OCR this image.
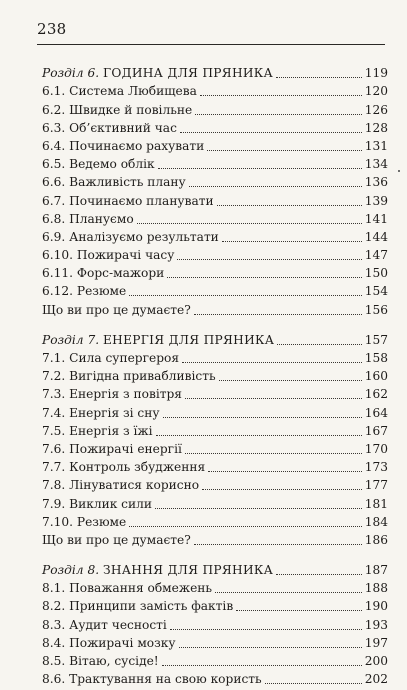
238
Розділ 6. ГОДИНА ДЛЯ ПРЯНИКА	119
6.1. Система Любищева	120
6.2. Швидке й повільне	126
6.3. Об’єктивний час	128
6.4. Починаємо рахувати	131
6.5. Ведемо облік	134
6.6. Важливість плану	136
6.7. Починаємо планувати	139
6.8. Плануємо	141
6.9. Аналізуємо результати	144
6.10. Пожирачі часу	147
6.11. Форс-мажори	150
6.12. Резюме	154
Що ви про це думаєте?	156
Розділ 7. ЕНЕРГІЯ ДЛЯ ПРЯНИКА	157
7.1. Сила супергероя	158
7.2. Вигідна привабливість	160
7.3. Енергія з повітря	162
7.4. Енергія зі сну	164
7.5. Енергія з їжі	167
7.6. Пожирачі енергії	170
7.7. Контроль збудження	173
7.8. Лінуватися корисно	177
7.9. Виклик сили	181
7.10. Резюме	184
Що ви про це думаєте?	186
Розділ 8. ЗНАННЯ ДЛЯ ПРЯНИКА	187
8.1. Поважання обмежень	188
8.2. Принципи замість фактів	190
8.3. Аудит чесності	193
8.4. Пожирачі мозку	197
8.5. Вітаю, сусіде!	200
8.6. Трактування на свою користь	202
